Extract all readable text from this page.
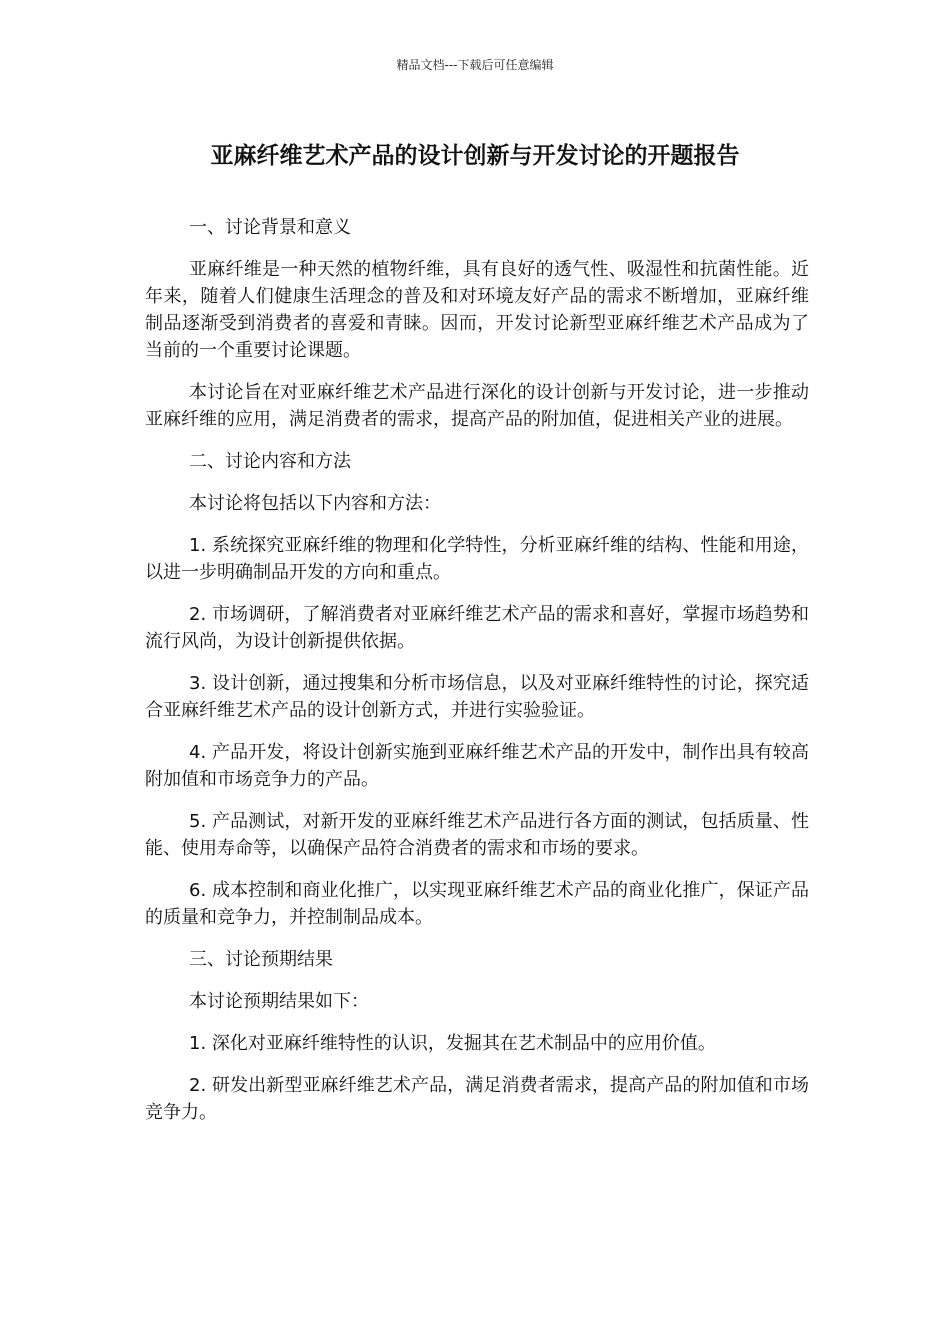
精品文档---下载后可任意编辑
亚麻纤维艺术产品的设计创新与开发讨论的开题报告

一、讨论背景和意义

亚麻纤维是一种天然的植物纤维，具有良好的透气性、吸湿性和抗菌性能。近年来，随着人们健康生活理念的普及和对环境友好产品的需求不断增加，亚麻纤维制品逐渐受到消费者的喜爱和青睐。因而，开发讨论新型亚麻纤维艺术产品成为了当前的一个重要讨论课题。

本讨论旨在对亚麻纤维艺术产品进行深化的设计创新与开发讨论，进一步推动亚麻纤维的应用，满足消费者的需求，提高产品的附加值，促进相关产业的进展。

二、讨论内容和方法

本讨论将包括以下内容和方法：

1. 系统探究亚麻纤维的物理和化学特性，分析亚麻纤维的结构、性能和用途，以进一步明确制品开发的方向和重点。

2. 市场调研，了解消费者对亚麻纤维艺术产品的需求和喜好，掌握市场趋势和流行风尚，为设计创新提供依据。

3. 设计创新，通过搜集和分析市场信息，以及对亚麻纤维特性的讨论，探究适合亚麻纤维艺术产品的设计创新方式，并进行实验验证。

4. 产品开发，将设计创新实施到亚麻纤维艺术产品的开发中，制作出具有较高附加值和市场竞争力的产品。

5. 产品测试，对新开发的亚麻纤维艺术产品进行各方面的测试，包括质量、性能、使用寿命等，以确保产品符合消费者的需求和市场的要求。

6. 成本控制和商业化推广，以实现亚麻纤维艺术产品的商业化推广，保证产品的质量和竞争力，并控制制品成本。

三、讨论预期结果

本讨论预期结果如下：

1. 深化对亚麻纤维特性的认识，发掘其在艺术制品中的应用价值。

2. 研发出新型亚麻纤维艺术产品，满足消费者需求，提高产品的附加值和市场竞争力。
